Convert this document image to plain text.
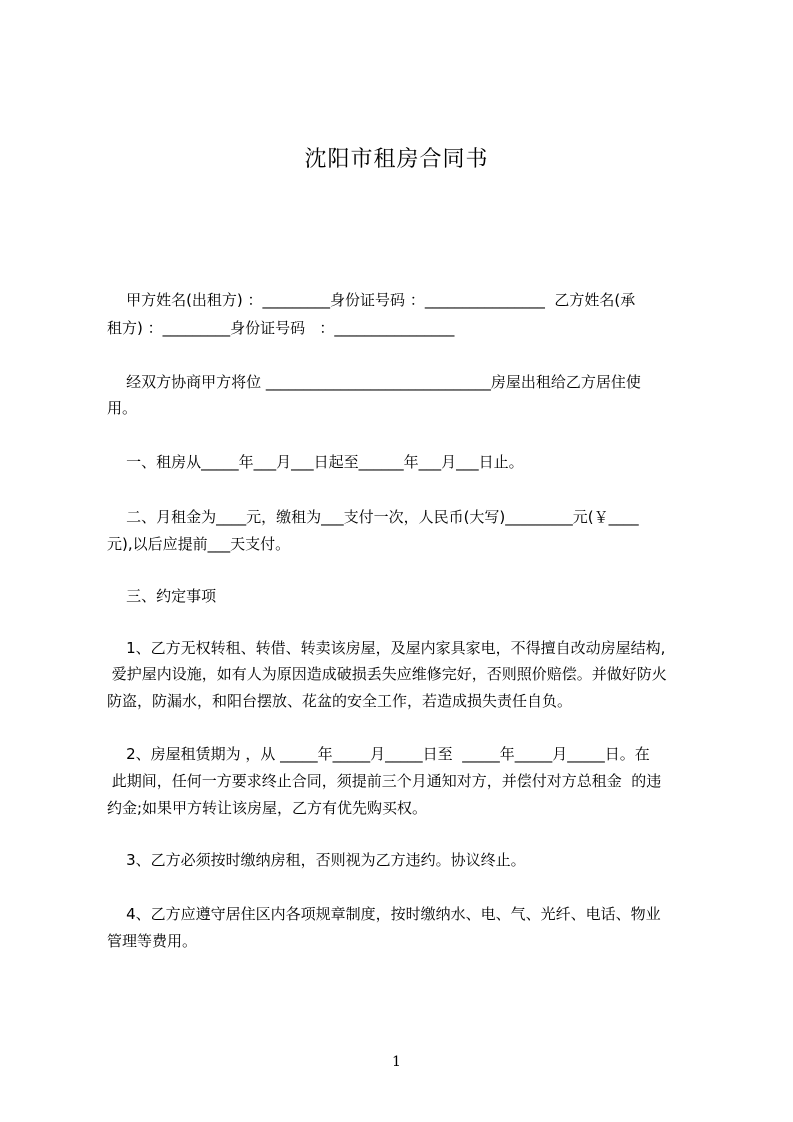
沈阳市租房合同书
甲方姓名(出租方) ：_________身份证号码 ：________________  乙方姓名(承
租方) ：_________身份证号码   ：________________
经双方协商甲方将位 ______________________________房屋出租给乙方居住使
用。
一、租房从_____年___月___日起至______年___月___日止。
二、月租金为____元，缴租为___支付一次，人民币(大写)_________元(￥____
元),以后应提前___天支付。
三、约定事项
1、乙方无权转租、转借、转卖该房屋，及屋内家具家电，不得擅自改动房屋结构,
爱护屋内设施，如有人为原因造成破损丢失应维修完好，否则照价赔偿。并做好防火
防盗，防漏水，和阳台摆放、花盆的安全工作，若造成损失责任自负。
2、房屋租赁期为 ，从 _____年_____月_____日至  _____年_____月_____日。在
此期间，任何一方要求终止合同，须提前三个月通知对方，并偿付对方总租金  的违
约金;如果甲方转让该房屋，乙方有优先购买权。
3、乙方必须按时缴纳房租，否则视为乙方违约。协议终止。
4、乙方应遵守居住区内各项规章制度，按时缴纳水、电、气、光纤、电话、物业
管理等费用。
1
